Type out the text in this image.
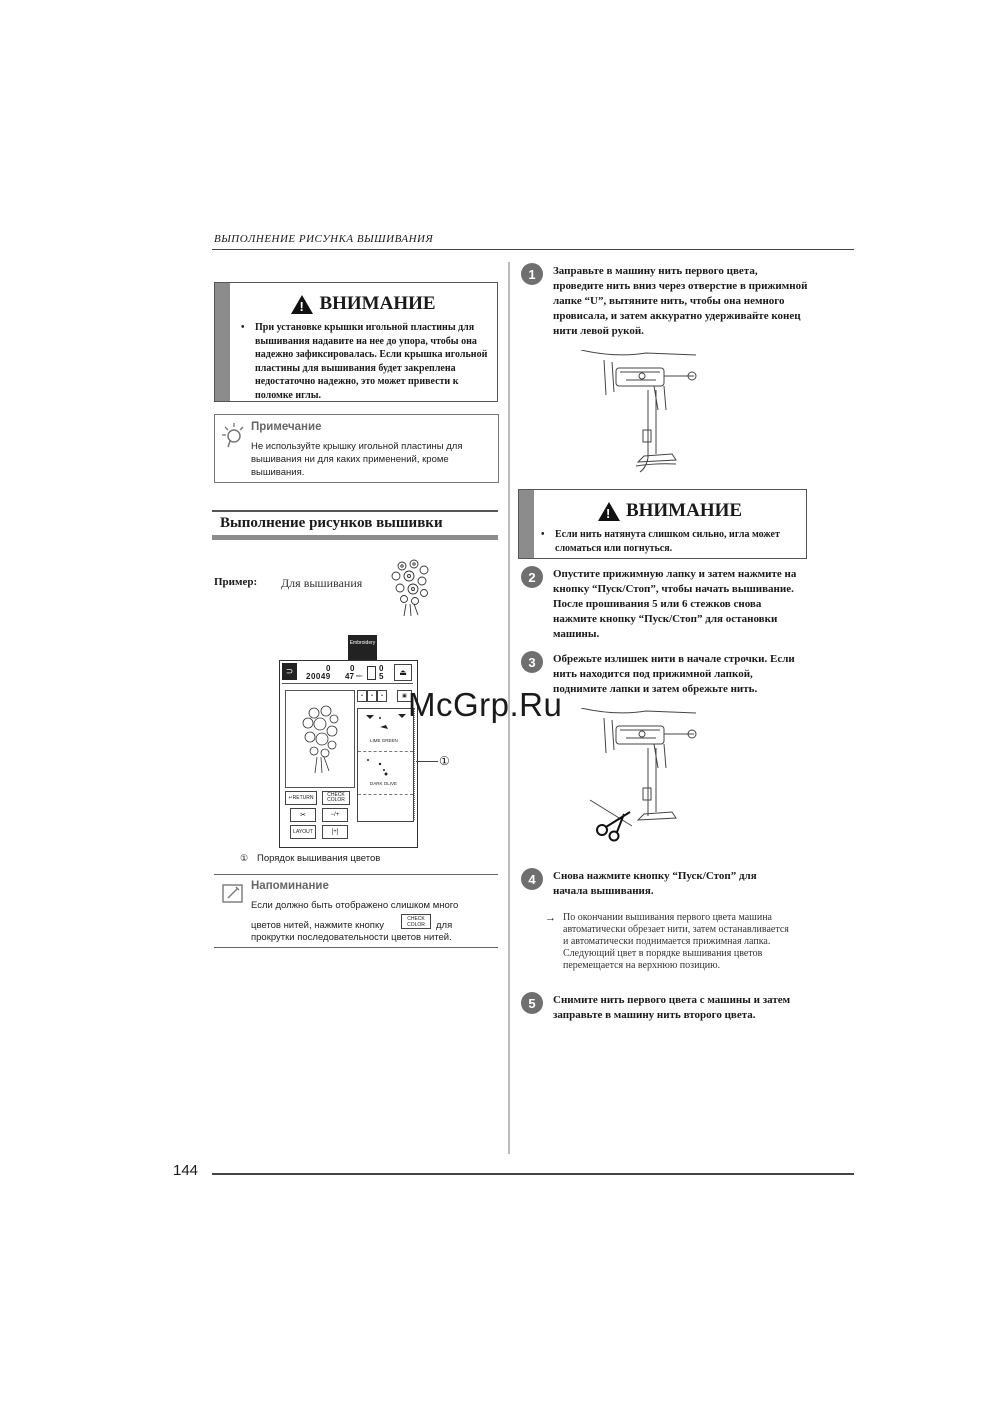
ВЫПОЛНЕНИЕ РИСУНКА ВЫШИВАНИЯ
! ВНИМАНИЕ
• При установке крышки игольной пластины для вышивания надавите на нее до упора, чтобы она надежно зафиксировалась. Если крышка игольной пластины для вышивания будет закреплена недостаточно надежно, это может привести к поломке иглы.
Примечание
Не используйте крышку игольной пластины для вышивания ни для каких применений, кроме вышивания.
Выполнение рисунков вышивки
Пример: Для вышивания
Embroidery
⊃	0
20049
0
47 min
0
5	⏏
↵ RETURN	CHECK COLOR
✂	−/+
LAYOUT	[+]
•	•	•	▣
LIME GREEN
DARK OLIVE
①
① Порядок вышивания цветов
Напоминание
Если должно быть отображено слишком много
цветов нитей, нажмите кнопку
CHECK COLOR	для
прокрутки последовательности цветов нитей.
1	Заправьте в машину нить первого цвета, проведите нить вниз через отверстие в прижимной лапке “U”, вытяните нить, чтобы она немного провисала, и затем аккуратно удерживайте конец нити левой рукой.
! ВНИМАНИЕ
• Если нить натянута слишком сильно, игла может сломаться или погнуться.
2	Опустите прижимную лапку и затем нажмите на кнопку “Пуск/Стоп”, чтобы начать вышивание. После прошивания 5 или 6 стежков снова нажмите кнопку “Пуск/Стоп” для остановки машины.
3	Обрежьте излишек нити в начале строчки. Если нить находится под прижимной лапкой, поднимите лапки и затем обрежьте нить.
McGrp.Ru
4	Снова нажмите кнопку “Пуск/Стоп” для начала вышивания.
→ По окончании вышивания первого цвета машина автоматически обрезает нити, затем останавливается и автоматически поднимается прижимная лапка. Следующий цвет в порядке вышивания цветов перемещается на верхнюю позицию.
5	Снимите нить первого цвета с машины и затем заправьте в машину нить второго цвета.
144
